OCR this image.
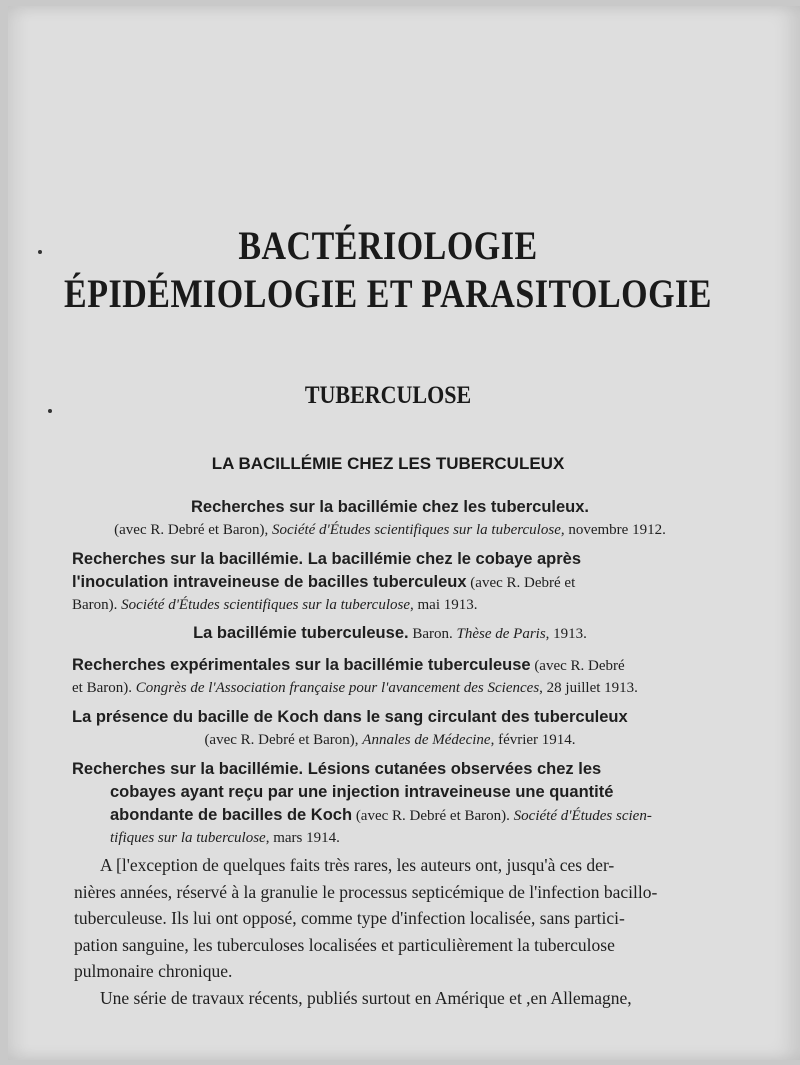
BACTÉRIOLOGIE
ÉPIDÉMIOLOGIE ET PARASITOLOGIE
TUBERCULOSE
LA BACILLÉMIE CHEZ LES TUBERCULEUX
Recherches sur la bacillémie chez les tuberculeux.
(avec R. Debré et Baron), Société d'Études scientifiques sur la tuberculose, novembre 1912.
Recherches sur la bacillémie. La bacillémie chez le cobaye après
l'inoculation intraveineuse de bacilles tuberculeux (avec R. Debré et
Baron). Société d'Études scientifiques sur la tuberculose, mai 1913.
La bacillémie tuberculeuse. Baron. Thèse de Paris, 1913.
Recherches expérimentales sur la bacillémie tuberculeuse (avec R. Debré
et Baron). Congrès de l'Association française pour l'avancement des Sciences, 28 juillet 1913.
La présence du bacille de Koch dans le sang circulant des tuberculeux
(avec R. Debré et Baron), Annales de Médecine, février 1914.
Recherches sur la bacillémie. Lésions cutanées observées chez les
cobayes ayant reçu par une injection intraveineuse une quantité
abondante de bacilles de Koch (avec R. Debré et Baron). Société d'Études scien-
tifiques sur la tuberculose, mars 1914.
A [l'exception de quelques faits très rares, les auteurs ont, jusqu'à ces der-
nières années, réservé à la granulie le processus septicémique de l'infection bacillo-
tuberculeuse. Ils lui ont opposé, comme type d'infection localisée, sans partici-
pation sanguine, les tuberculoses localisées et particulièrement la tuberculose
pulmonaire chronique.
Une série de travaux récents, publiés surtout en Amérique et ,en Allemagne,
